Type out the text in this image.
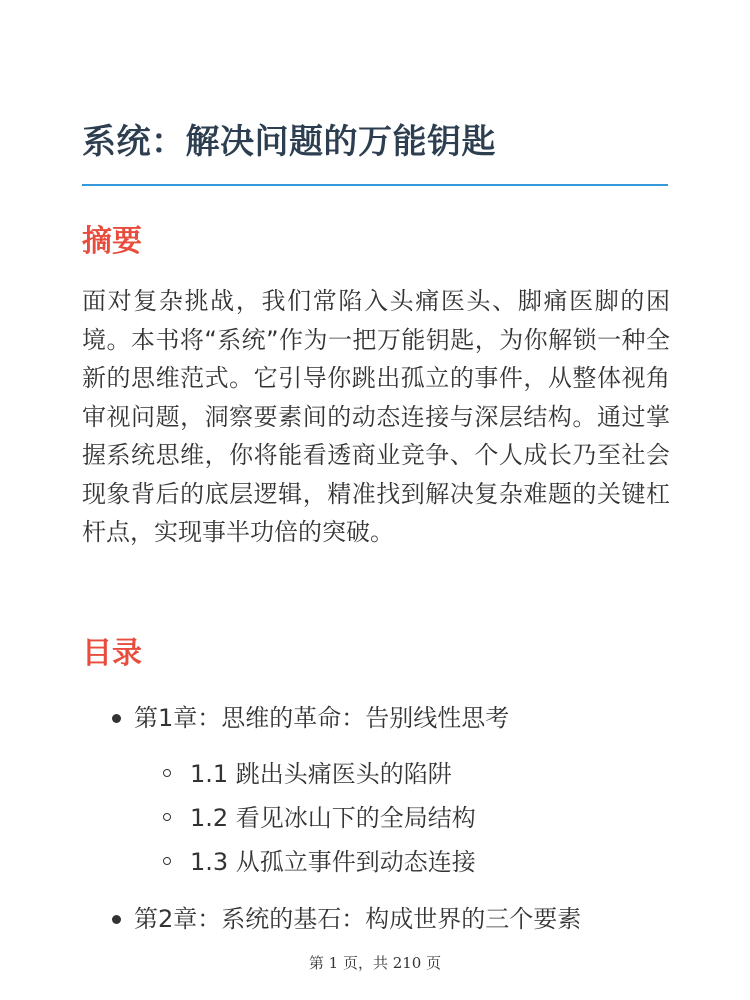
系统：解决问题的万能钥匙
摘要

面对复杂挑战，我们常陷入头痛医头、脚痛医脚的困境。本书将“系统”作为一把万能钥匙，为你解锁一种全新的思维范式。它引导你跳出孤立的事件，从整体视角审视问题，洞察要素间的动态连接与深层结构。通过掌握系统思维，你将能看透商业竞争、个人成长乃至社会现象背后的底层逻辑，精准找到解决复杂难题的关键杠杆点，实现事半功倍的突破。

目录
第1章：思维的革命：告别线性思考
1.1 跳出头痛医头的陷阱
1.2 看见冰山下的全局结构
1.3 从孤立事件到动态连接
第2章：系统的基石：构成世界的三个要素
第 1 页，共 210 页
